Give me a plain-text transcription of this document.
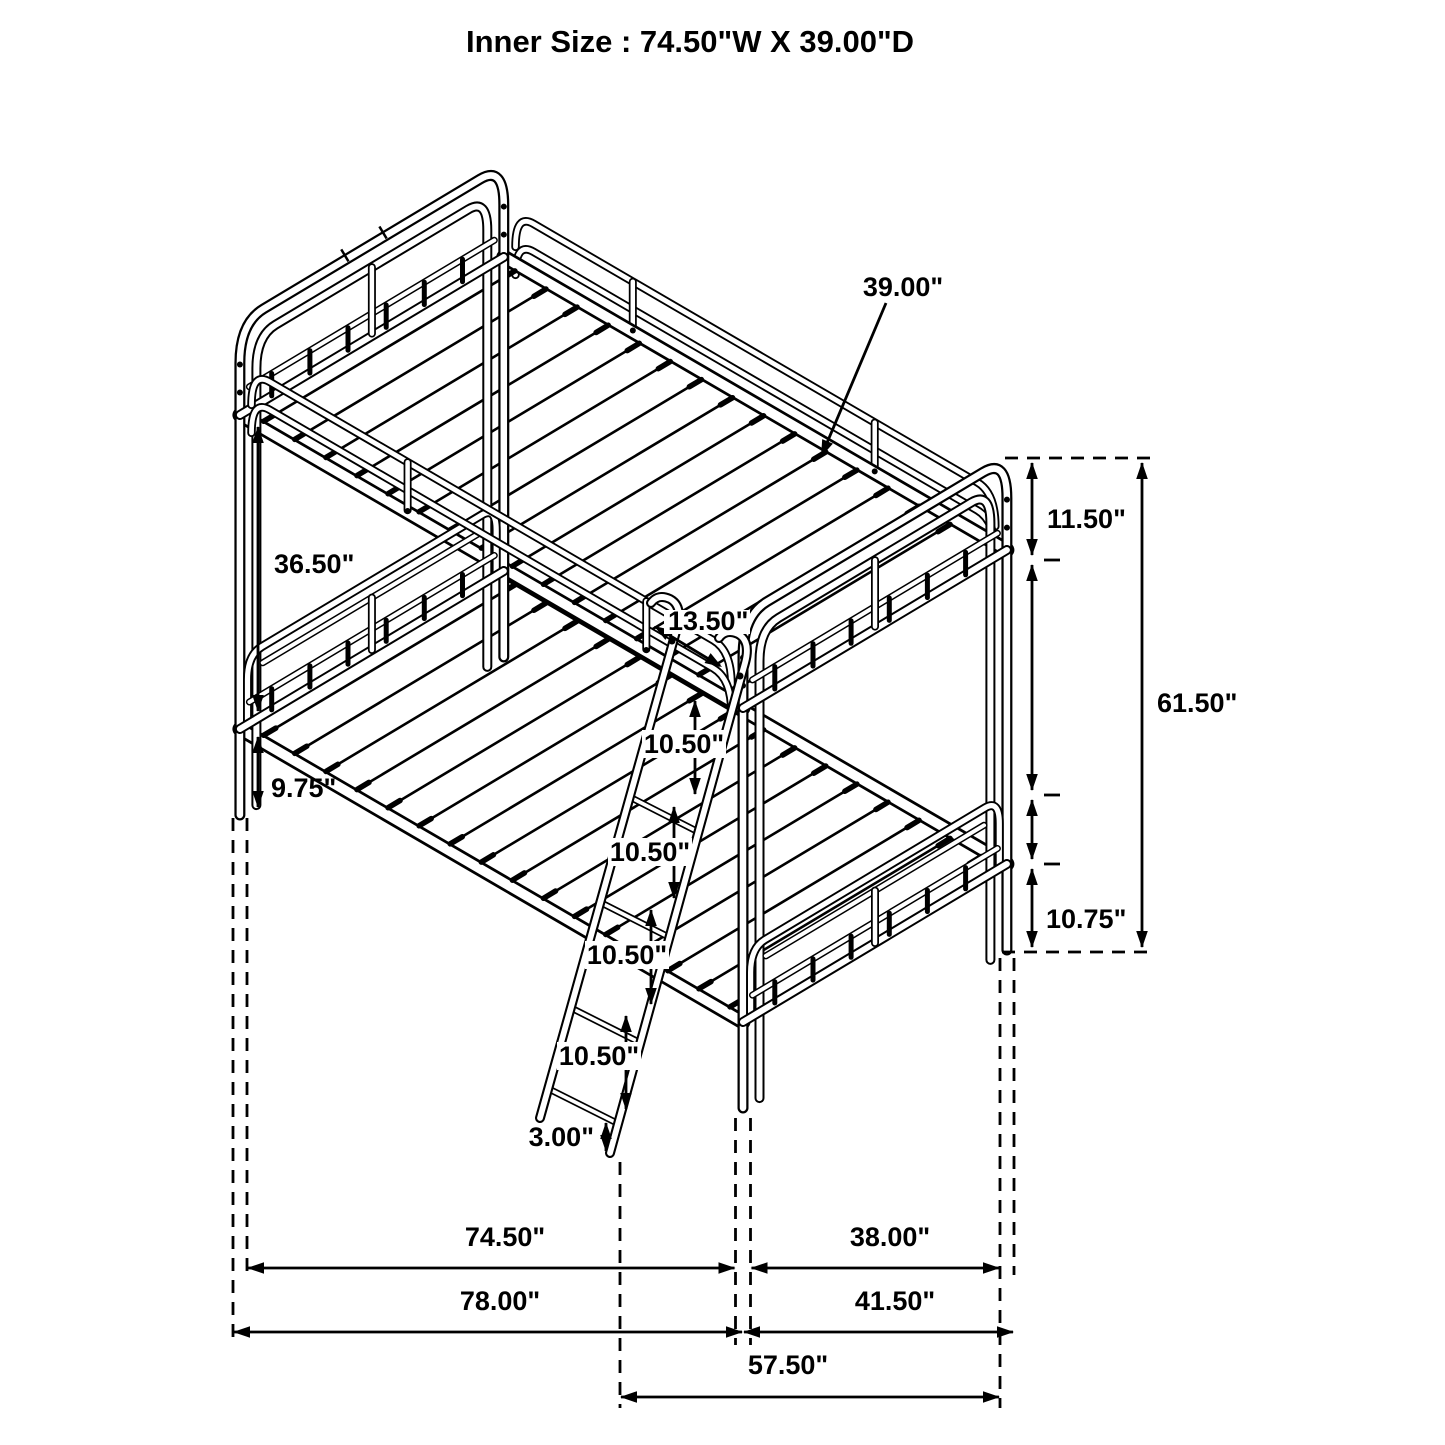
Inner Size : 74.50"W X 39.00"D
39.00"
11.50"
61.50"
10.75"
36.50"
13.50"
9.75"
10.50"
10.50"
10.50"
10.50"
3.00"
74.50"	38.00"
78.00"	41.50"
57.50"
